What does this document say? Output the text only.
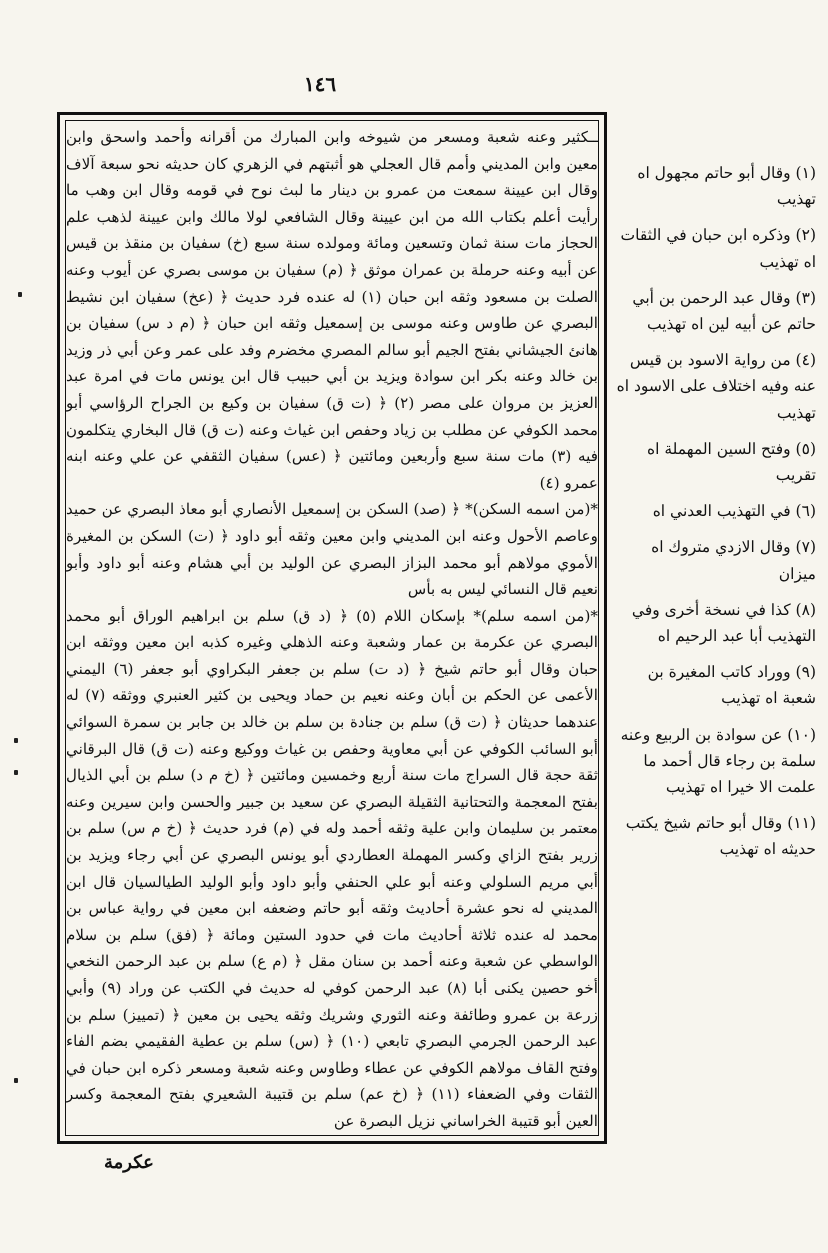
١٤٦

ــكثير وعنه شعبة ومسعر من شيوخه وابن المبارك من أقرانه وأحمد واسحق وابن معين وابن المديني وأمم قال العجلي هو أثبتهم في الزهري كان حديثه نحو سبعة آلاف وقال ابن عيينة سمعت من عمرو بن دينار ما لبث نوح في قومه وقال ابن وهب ما رأيت أعلم بكتاب الله من ابن عيينة وقال الشافعي لولا مالك وابن عيينة لذهب علم الحجاز مات سنة ثمان وتسعين ومائة ومولده سنة سبع (خ) سفيان بن منقذ بن قيس عن أبيه وعنه حرملة بن عمران موثق ﴿ (م) سفيان بن موسى بصري عن أيوب وعنه الصلت بن مسعود وثقه ابن حبان (١) له عنده فرد حديث ﴿ (عخ) سفيان ابن نشيط البصري عن طاوس وعنه موسى بن إسمعيل وثقه ابن حبان ﴿ (م د س) سفيان بن هانئ الجيشاني بفتح الجيم أبو سالم المصري مخضرم وفد على عمر وعن أبي ذر وزيد بن خالد وعنه بكر ابن سوادة ويزيد بن أبي حبيب قال ابن يونس مات في امرة عبد العزيز بن مروان على مصر (٢) ﴿ (ت ق) سفيان بن وكيع بن الجراح الرؤاسي أبو محمد الكوفي عن مطلب بن زياد وحفص ابن غياث وعنه (ت ق) قال البخاري يتكلمون فيه (٣) مات سنة سبع وأربعين ومائتين ﴿ (عس) سفيان الثقفي عن علي وعنه ابنه عمرو (٤)

*(من اسمه السكن)* ﴿ (صد) السكن بن إسمعيل الأنصاري أبو معاذ البصري عن حميد وعاصم الأحول وعنه ابن المديني وابن معين وثقه أبو داود ﴿ (ت) السكن بن المغيرة الأموي مولاهم أبو محمد البزاز البصري عن الوليد بن أبي هشام وعنه أبو داود وأبو نعيم قال النسائي ليس به بأس

*(من اسمه سلم)* بإسكان اللام (٥) ﴿ (د ق) سلم بن ابراهيم الوراق أبو محمد البصري عن عكرمة بن عمار وشعبة وعنه الذهلي وغيره كذبه ابن معين ووثقه ابن حبان وقال أبو حاتم شيخ ﴿ (د ت) سلم بن جعفر البكراوي أبو جعفر (٦) اليمني الأعمى عن الحكم بن أبان وعنه نعيم بن حماد ويحيى بن كثير العنبري ووثقه (٧) له عندهما حديثان ﴿ (ت ق) سلم بن جنادة بن سلم بن خالد بن جابر بن سمرة السوائي أبو السائب الكوفي عن أبي معاوية وحفص بن غياث ووكيع وعنه (ت ق) قال البرقاني ثقة حجة قال السراج مات سنة أربع وخمسين ومائتين ﴿ (خ م د) سلم بن أبي الذيال بفتح المعجمة والتحتانية الثقيلة البصري عن سعيد بن جبير والحسن وابن سيرين وعنه معتمر بن سليمان وابن علية وثقه أحمد وله في (م) فرد حديث ﴿ (خ م س) سلم بن زرير بفتح الزاي وكسر المهملة العطاردي أبو يونس البصري عن أبي رجاء ويزيد بن أبي مريم السلولي وعنه أبو علي الحنفي وأبو داود وأبو الوليد الطيالسيان قال ابن المديني له نحو عشرة أحاديث وثقه أبو حاتم وضعفه ابن معين في رواية عباس بن محمد له عنده ثلاثة أحاديث مات في حدود الستين ومائة ﴿ (فق) سلم بن سلام الواسطي عن شعبة وعنه أحمد بن سنان مقل ﴿ (م ع) سلم بن عبد الرحمن النخعي أخو حصين يكنى أبا (٨) عبد الرحمن كوفي له حديث في الكتب عن وراد (٩) وأبي زرعة بن عمرو وطائفة وعنه الثوري وشريك وثقه يحيى بن معين ﴿ (تمييز) سلم بن عبد الرحمن الجرمي البصري تابعي (١٠) ﴿ (س) سلم بن عطية الفقيمي بضم الفاء وفتح القاف مولاهم الكوفي عن عطاء وطاوس وعنه شعبة ومسعر ذكره ابن حبان في الثقات وفي الضعفاء (١١) ﴿ (خ عم) سلم بن قتيبة الشعيري بفتح المعجمة وكسر العين أبو قتيبة الخراساني نزيل البصرة عن

(١) وقال أبو حاتم مجهول اه تهذيب

(٢) وذكره ابن حبان في الثقات اه تهذيب

(٣) وقال عبد الرحمن بن أبي حاتم عن أبيه لين اه تهذيب

(٤) من رواية الاسود بن قيس عنه وفيه اختلاف على الاسود اه تهذيب

(٥) وفتح السين المهملة اه تقريب

(٦) في التهذيب العدني اه

(٧) وقال الازدي متروك اه ميزان

(٨) كذا في نسخة أخرى وفي التهذيب أبا عبد الرحيم اه

(٩) ووراد كاتب المغيرة بن شعبة اه تهذيب

(١٠) عن سوادة بن الربيع وعنه سلمة بن رجاء قال أحمد ما علمت الا خيرا اه تهذيب

(١١) وقال أبو حاتم شيخ يكتب حديثه اه تهذيب

عكرمة
